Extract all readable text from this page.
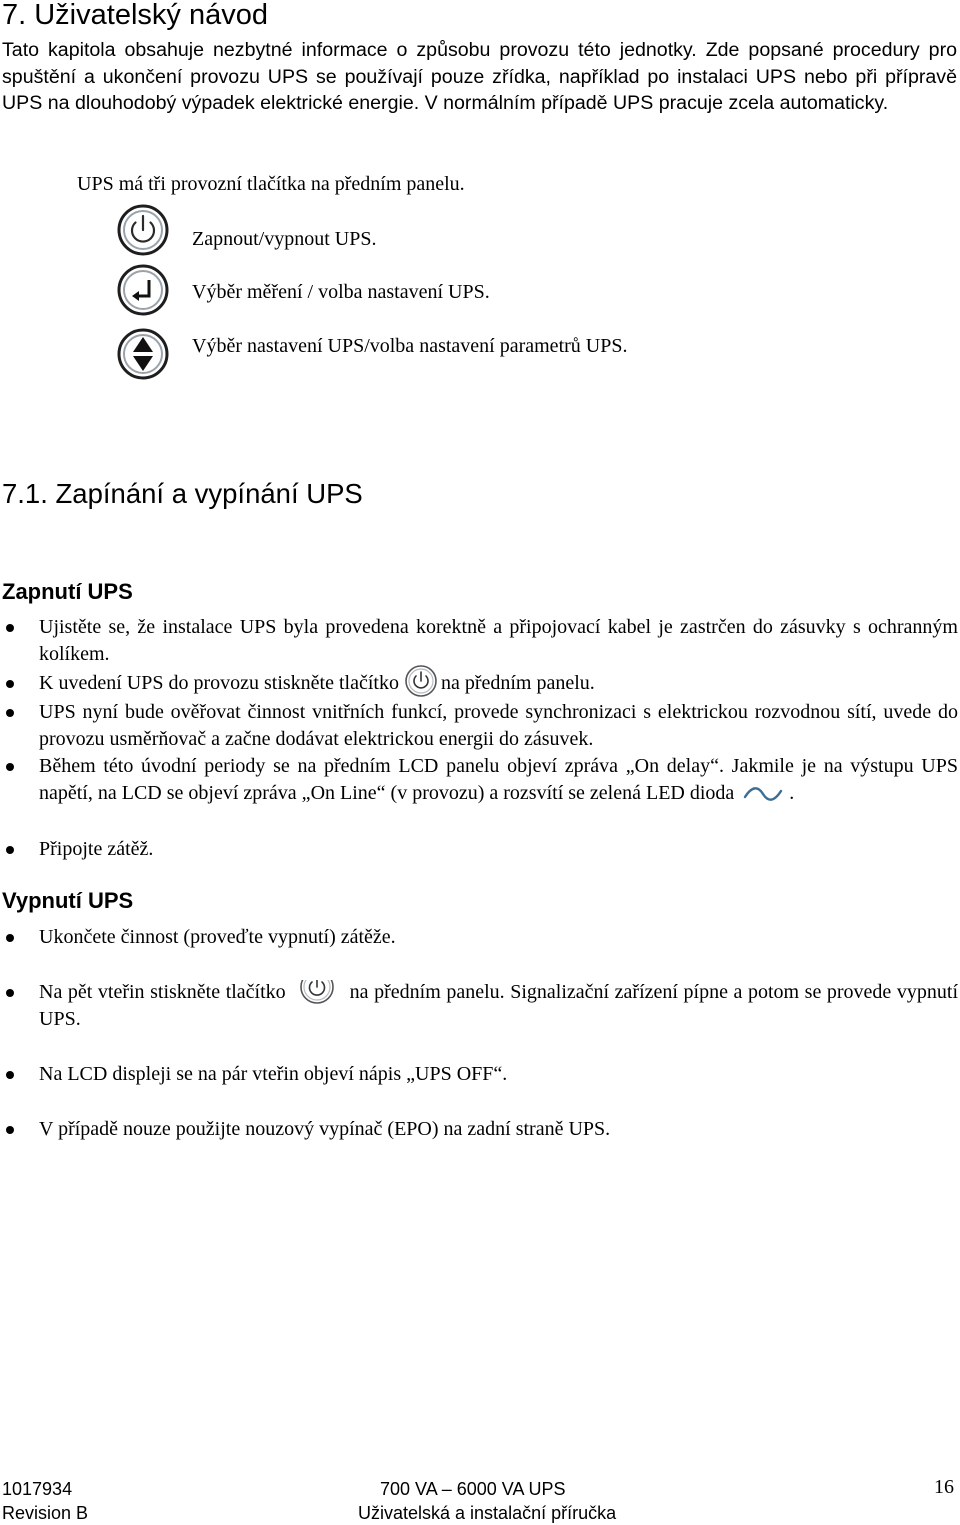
7. Uživatelský návod
Tato kapitola obsahuje nezbytné informace o způsobu provozu této jednotky. Zde popsané procedury pro spuštění a ukončení provozu UPS se používají pouze zřídka, například po instalaci UPS nebo při přípravě UPS na dlouhodobý výpadek elektrické energie. V normálním případě UPS pracuje zcela automaticky.
UPS má tři provozní tlačítka na předním panelu.
Zapnout/vypnout UPS.
Výběr měření / volba nastavení UPS.
Výběr nastavení UPS/volba nastavení parametrů UPS.
7.1. Zapínání a vypínání UPS
Zapnutí UPS
Ujistěte se, že instalace UPS byla provedena korektně a připojovací kabel je zastrčen do zásuvky s ochranným kolíkem.
K uvedení UPS do provozu stiskněte tlačítko na předním panelu.
UPS nyní bude ověřovat činnost vnitřních funkcí, provede synchronizaci s elektrickou rozvodnou sítí, uvede do provozu usměrňovač a začne dodávat elektrickou energii do zásuvek.
Během této úvodní periody se na předním LCD panelu objeví zpráva „On delay“. Jakmile je na výstupu UPS napětí, na LCD se objeví zpráva „On Line“ (v provozu) a rozsvítí se zelená LED dioda	.
Připojte zátěž.
Vypnutí UPS
Ukončete činnost (proveďte vypnutí) zátěže.
Na pět vteřin stiskněte tlačítko	na předním panelu. Signalizační zařízení pípne a potom se provede vypnutí UPS.
Na LCD displeji se na pár vteřin objeví nápis „UPS OFF“.
V případě nouze použijte nouzový vypínač (EPO) na zadní straně UPS.
1017934
Revision B
700 VA – 6000 VA UPS
Uživatelská a instalační příručka
16
